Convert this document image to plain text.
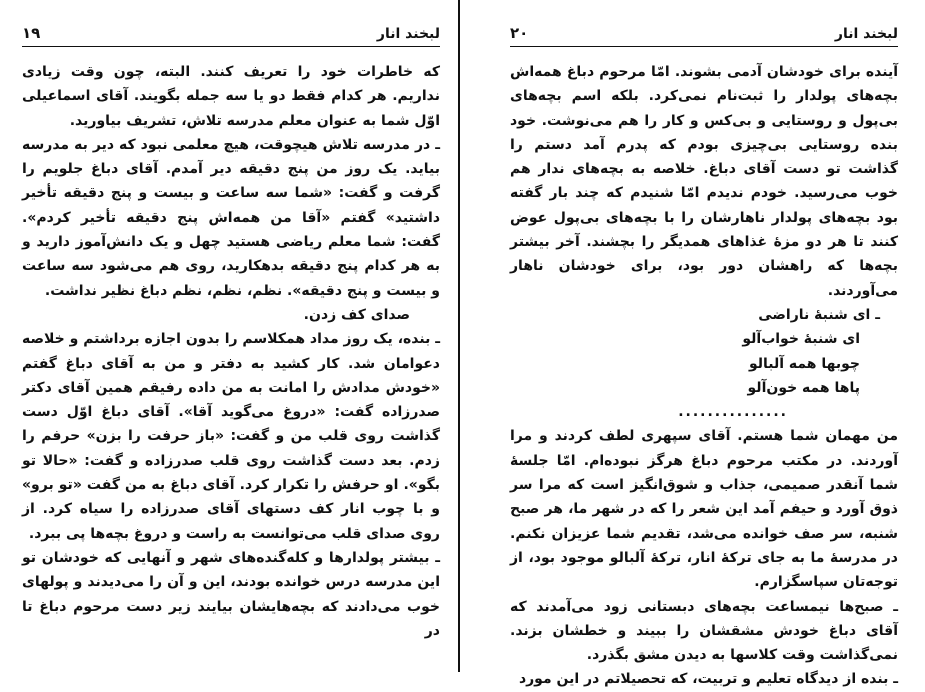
لبخند انار
۱۹

که خاطرات خود را تعریف کنند. البته، چون وقت زیادی نداریم. هر کدام فقط دو یا سه جمله بگویند. آقای اسماعیلی اوّل شما به عنوان معلم مدرسه تلاش، تشریف بیاورید.

ـ در مدرسه تلاش هیچوقت، هیچ معلمی نبود که دیر به مدرسه بیاید. یک روز من پنج دقیقه دیر آمدم. آقای دباغ جلویم را گرفت و گفت: «شما سه ساعت و بیست و پنج دقیقه تأخیر داشتید» گفتم «آقا من همه‌اش پنج دقیقه تأخیر کردم». گفت: شما معلم ریاضی هستید چهل و یک دانش‌آموز دارید و به هر کدام پنج دقیقه بدهکارید، روی هم می‌شود سه ساعت و بیست و پنج دقیقه». نظم، نظم، نظم دباغ نظیر نداشت.

صدای کف زدن.

ـ بنده، یک روز مداد همکلاسم را بدون اجازه برداشتم و خلاصه دعوامان شد. کار کشید به دفتر و من به آقای دباغ گفتم «خودش مدادش را امانت به من داده رفیقم همین آقای دکتر صدرزاده گفت: «دروغ می‌گوید آقا». آقای دباغ اوّل دست گذاشت روی قلب من و گفت: «باز حرفت را بزن» حرفم را زدم. بعد دست گذاشت روی قلب صدرزاده و گفت: «حالا تو بگو». او حرفش را تکرار کرد. آقای دباغ به من گفت «تو برو» و با چوب انار کف دستهای آقای صدرزاده را سیاه کرد. از روی صدای قلب می‌توانست به راست و دروغ بچه‌ها پی ببرد.

ـ بیشتر پولدارها و کله‌گنده‌های شهر و آنهایی که خودشان تو این مدرسه درس خوانده بودند، این و آن را می‌دیدند و پولهای خوب می‌دادند که بچه‌هایشان بیایند زیر دست مرحوم دباغ تا در

لبخند انار
۲۰

آینده برای خودشان آدمی بشوند. امّا مرحوم دباغ همه‌اش بچه‌های پولدار را ثبت‌نام نمی‌کرد. بلکه اسم بچه‌های بی‌پول و روستایی و بی‌کس و کار را هم می‌نوشت. خود بنده روستایی بی‌چیزی بودم که پدرم آمد دستم را گذاشت تو دست آقای دباغ. خلاصه به بچه‌های ندار هم خوب می‌رسید. خودم ندیدم امّا شنیدم که چند بار گفته بود بچه‌های پولدار ناهارشان را با بچه‌های بی‌پول عوض کنند تا هر دو مزهٔ غذاهای همدیگر را بچشند. آخر بیشتر بچه‌ها که راهشان دور بود، برای خودشان ناهار می‌آوردند.

ـ ای شنبهٔ ناراضی
ای شنبهٔ خواب‌آلو
چوبها همه آلبالو
پاها همه خون‌آلو
...............

من مهمان شما هستم. آقای سپهری لطف کردند و مرا آوردند. در مکتب مرحوم دباغ هرگز نبوده‌ام. امّا جلسهٔ شما آنقدر صمیمی، جذاب و شوق‌انگیز است که مرا سر ذوق آورد و حیفم آمد این شعر را که در شهر ما، هر صبح شنبه، سر صف خوانده می‌شد، تقدیم شما عزیزان نکنم. در مدرسهٔ ما به جای ترکهٔ انار، ترکهٔ آلبالو موجود بود، از توجه‌تان سپاسگزارم.

ـ صبح‌ها نیمساعت بچه‌های دبستانی زود می‌آمدند که آقای دباغ خودش مشقشان را ببیند و خطشان بزند. نمی‌گذاشت وقت کلاسها به دیدن مشق بگذرد.

ـ بنده از دیدگاه تعلیم و تربیت، که تحصیلاتم در این مورد
